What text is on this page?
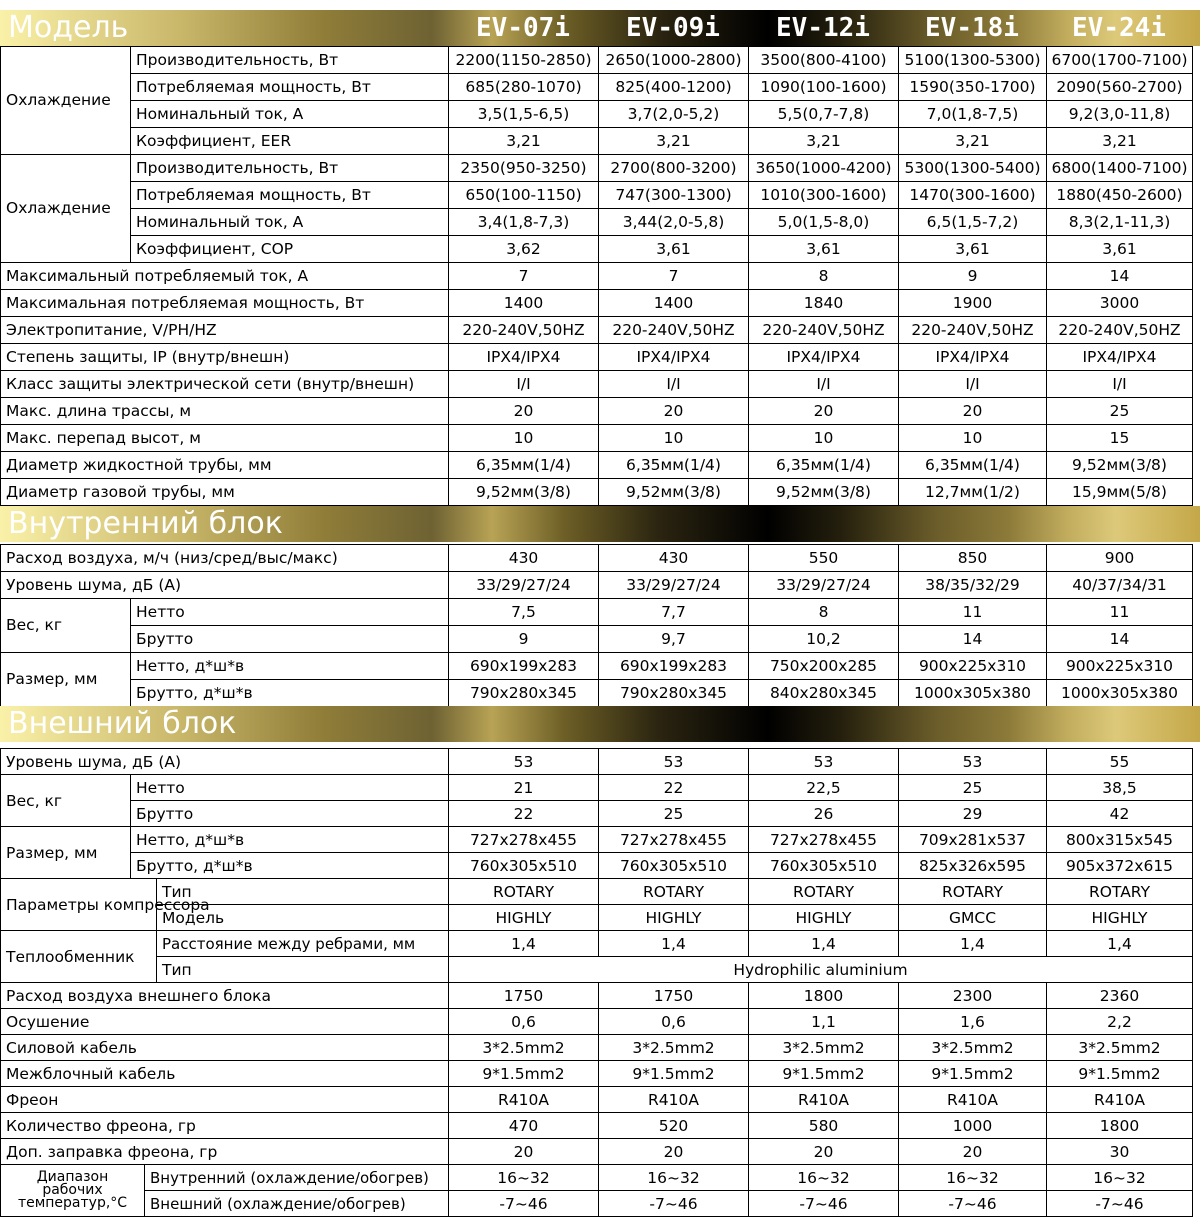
Модель	EV-07i	EV-09i	EV-12i	EV-18i	EV-24i
Охлаждение	Производительность, Вт	2200(1150-2850)	2650(1000-2800)	3500(800-4100)	5100(1300-5300)	6700(1700-7100)
	Потребляемая мощность, Вт	685(280-1070)	825(400-1200)	1090(100-1600)	1590(350-1700)	2090(560-2700)
	Номинальный ток, А	3,5(1,5-6,5)	3,7(2,0-5,2)	5,5(0,7-7,8)	7,0(1,8-7,5)	9,2(3,0-11,8)
	Коэффициент, EER	3,21	3,21	3,21	3,21	3,21
Охлаждение	Производительность, Вт	2350(950-3250)	2700(800-3200)	3650(1000-4200)	5300(1300-5400)	6800(1400-7100)
	Потребляемая мощность, Вт	650(100-1150)	747(300-1300)	1010(300-1600)	1470(300-1600)	1880(450-2600)
	Номинальный ток, А	3,4(1,8-7,3)	3,44(2,0-5,8)	5,0(1,5-8,0)	6,5(1,5-7,2)	8,3(2,1-11,3)
	Коэффициент, COP	3,62	3,61	3,61	3,61	3,61
Максимальный потребляемый ток, А		7	7	8	9	14
Максимальная потребляемая мощность, Вт		1400	1400	1840	1900	3000
Электропитание, V/PH/HZ		220-240V,50HZ	220-240V,50HZ	220-240V,50HZ	220-240V,50HZ	220-240V,50HZ
Степень защиты, IP (внутр/внешн)		IPX4/IPX4	IPX4/IPX4	IPX4/IPX4	IPX4/IPX4	IPX4/IPX4
Класс защиты электрической сети (внутр/внешн)		I/I	I/I	I/I	I/I	I/I
Макс. длина трассы, м		20	20	20	20	25
Макс. перепад высот, м		10	10	10	10	15
Диаметр жидкостной трубы, мм		6,35мм(1/4)	6,35мм(1/4)	6,35мм(1/4)	6,35мм(1/4)	9,52мм(3/8)
Диаметр газовой трубы, мм		9,52мм(3/8)	9,52мм(3/8)	9,52мм(3/8)	12,7мм(1/2)	15,9мм(5/8)
Внутренний блок
Расход воздуха, м/ч (низ/сред/выс/макс)		430	430	550	850	900
Уровень шума, дБ (А)		33/29/27/24	33/29/27/24	33/29/27/24	38/35/32/29	40/37/34/31
Вес, кг	Нетто	7,5	7,7	8	11	11
	Брутто	9	9,7	10,2	14	14
Размер, мм	Нетто, д*ш*в	690x199x283	690x199x283	750x200x285	900x225x310	900x225x310
	Брутто, д*ш*в	790x280x345	790x280x345	840x280x345	1000x305x380	1000x305x380
Внешний блок
Уровень шума, дБ (А)				53	53	53	53	55
Вес, кг	Нетто			21	22	22,5	25	38,5
	Брутто			22	25	26	29	42
Размер, мм	Нетто, д*ш*в			727x278x455	727x278x455	727x278x455	709x281x537	800x315x545
	Брутто, д*ш*в			760x305x510	760x305x510	760x305x510	825x326x595	905x372x615
Параметры компрессора			Тип	ROTARY	ROTARY	ROTARY	ROTARY	ROTARY
			Модель	HIGHLY	HIGHLY	HIGHLY	GMCC	HIGHLY
Теплообменник			Расстояние между ребрами, мм	1,4	1,4	1,4	1,4	1,4
			Тип	Hydrophilic aluminium				
Расход воздуха внешнего блока				1750	1750	1800	2300	2360
Осушение				0,6	0,6	1,1	1,6	2,2
Силовой кабель				3*2.5mm2	3*2.5mm2	3*2.5mm2	3*2.5mm2	3*2.5mm2
Межблочный кабель				9*1.5mm2	9*1.5mm2	9*1.5mm2	9*1.5mm2	9*1.5mm2
Фреон				R410A	R410A	R410A	R410A	R410A
Количество фреона, гр				470	520	580	1000	1800
Доп. заправка фреона, гр				20	20	20	20	30

Диапазон
рабочих
температур,°C		Внутренний (охлаждение/обогрев)		16~32	16~32	16~32	16~32	16~32
		Внешний (охлаждение/обогрев)		-7~46	-7~46	-7~46	-7~46	-7~46
